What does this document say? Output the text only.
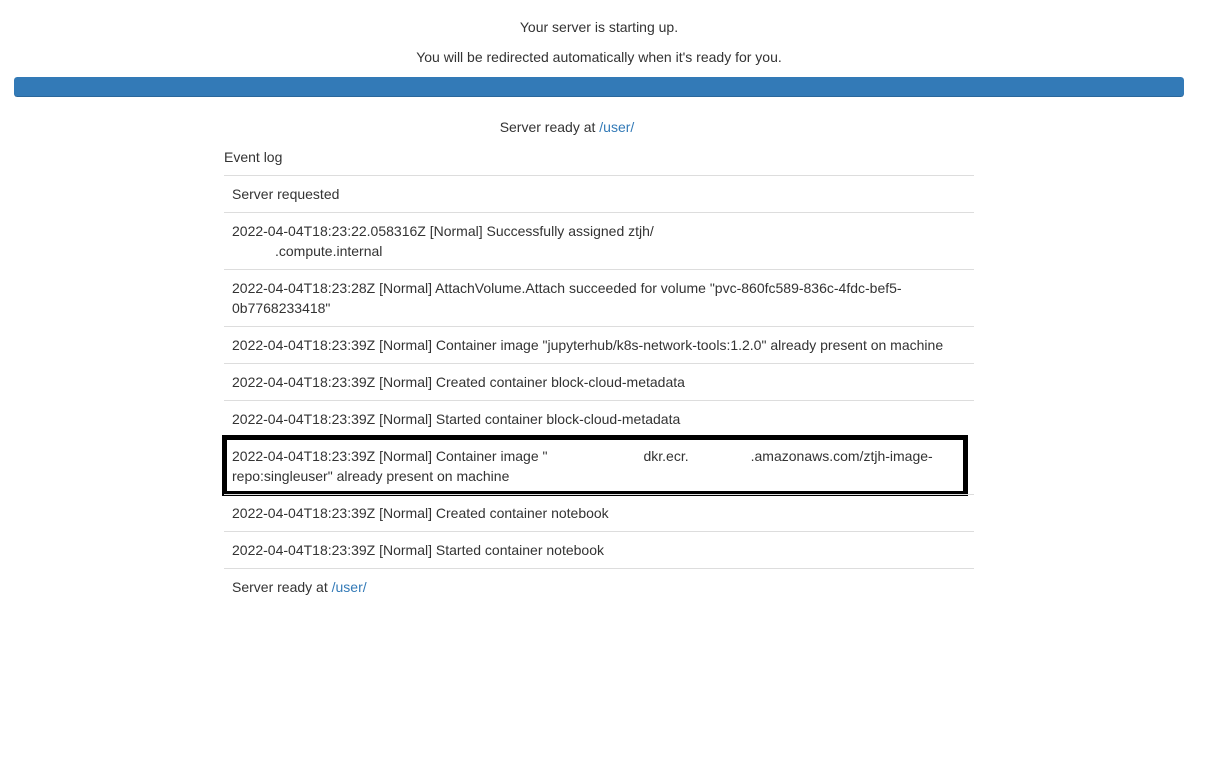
Your server is starting up.
You will be redirected automatically when it's ready for you.
Server ready at /user/
Event log
Server requested
2022-04-04T18:23:22.058316Z [Normal] Successfully assigned ztjh/
.compute.internal
2022-04-04T18:23:28Z [Normal] AttachVolume.Attach succeeded for volume "pvc-860fc589-836c-4fdc-bef5-0b7768233418"
2022-04-04T18:23:39Z [Normal] Container image "jupyterhub/k8s-network-tools:1.2.0" already present on machine
2022-04-04T18:23:39Z [Normal] Created container block-cloud-metadata
2022-04-04T18:23:39Z [Normal] Started container block-cloud-metadata
2022-04-04T18:23:39Z [Normal] Container image "	dkr.ecr.	.amazonaws.com/ztjh-image-repo:singleuser" already present on machine
2022-04-04T18:23:39Z [Normal] Created container notebook
2022-04-04T18:23:39Z [Normal] Started container notebook
Server ready at /user/
